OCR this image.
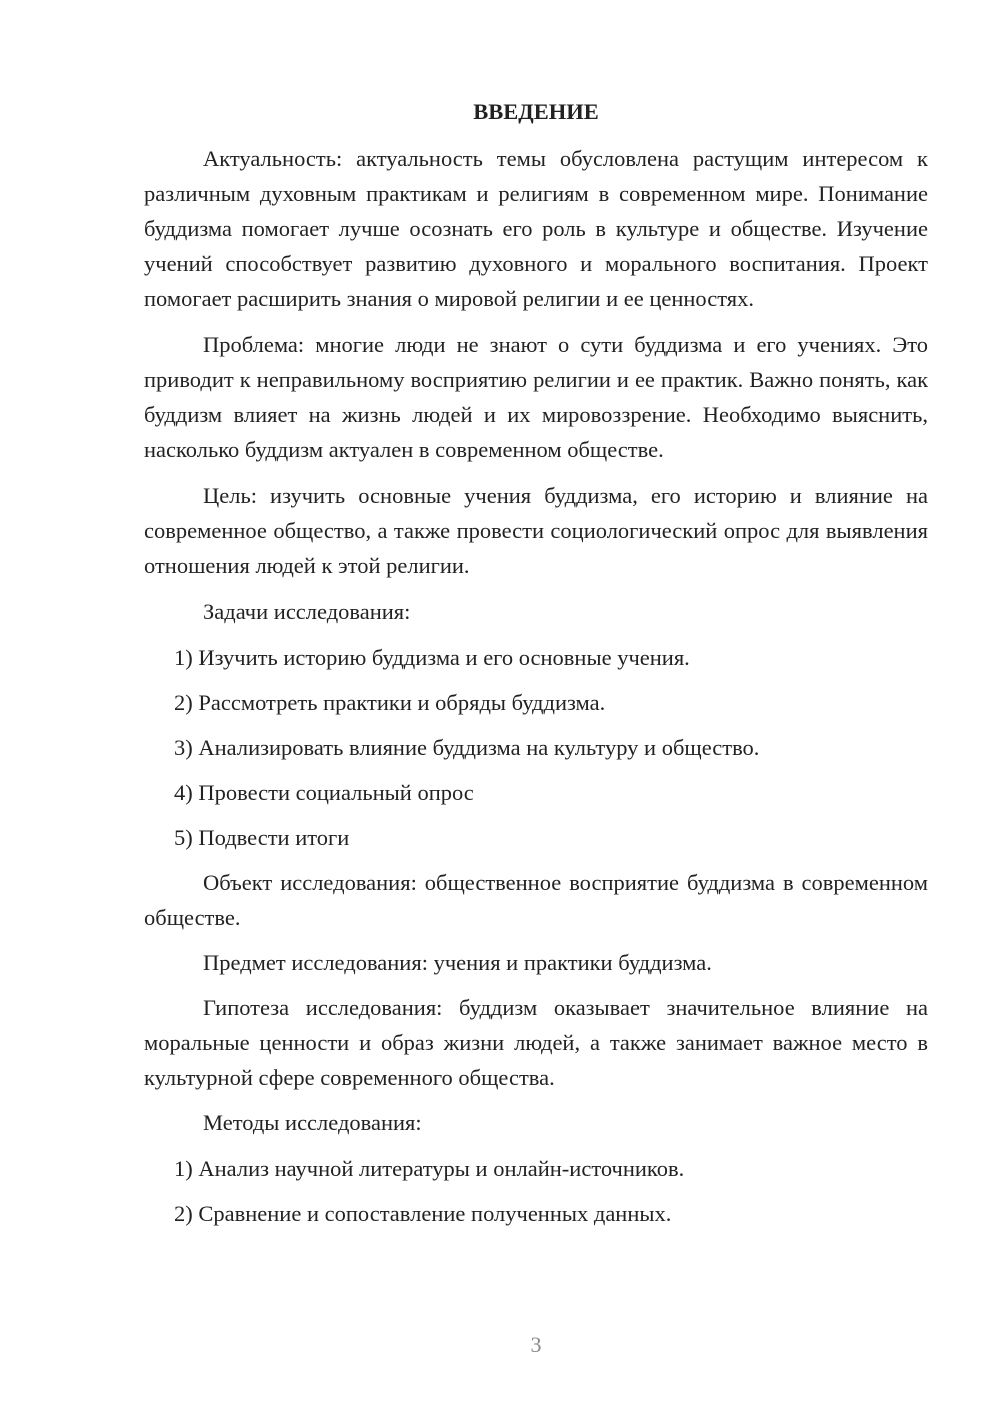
ВВЕДЕНИЕ

Актуальность: актуальность темы обусловлена растущим интересом к различным духовным практикам и религиям в современном мире. Понимание буддизма помогает лучше осознать его роль в культуре и обществе. Изучение учений способствует развитию духовного и морального воспитания. Проект помогает расширить знания о мировой религии и ее ценностях.

Проблема: многие люди не знают о сути буддизма и его учениях. Это приводит к неправильному восприятию религии и ее практик. Важно понять, как буддизм влияет на жизнь людей и их мировоззрение. Необходимо выяснить, насколько буддизм актуален в современном обществе.

Цель: изучить основные учения буддизма, его историю и влияние на современное общество, а также провести социологический опрос для выявления отношения людей к этой религии.

Задачи исследования:

1) Изучить историю буддизма и его основные учения.
2) Рассмотреть практики и обряды буддизма.
3) Анализировать влияние буддизма на культуру и общество.
4) Провести социальный опрос
5) Подвести итоги

Объект исследования: общественное восприятие буддизма в современном обществе.

Предмет исследования: учения и практики буддизма.

Гипотеза исследования: буддизм оказывает значительное влияние на моральные ценности и образ жизни людей, а также занимает важное место в культурной сфере современного общества.

Методы исследования:

1) Анализ научной литературы и онлайн-источников.
2) Сравнение и сопоставление полученных данных.
3
